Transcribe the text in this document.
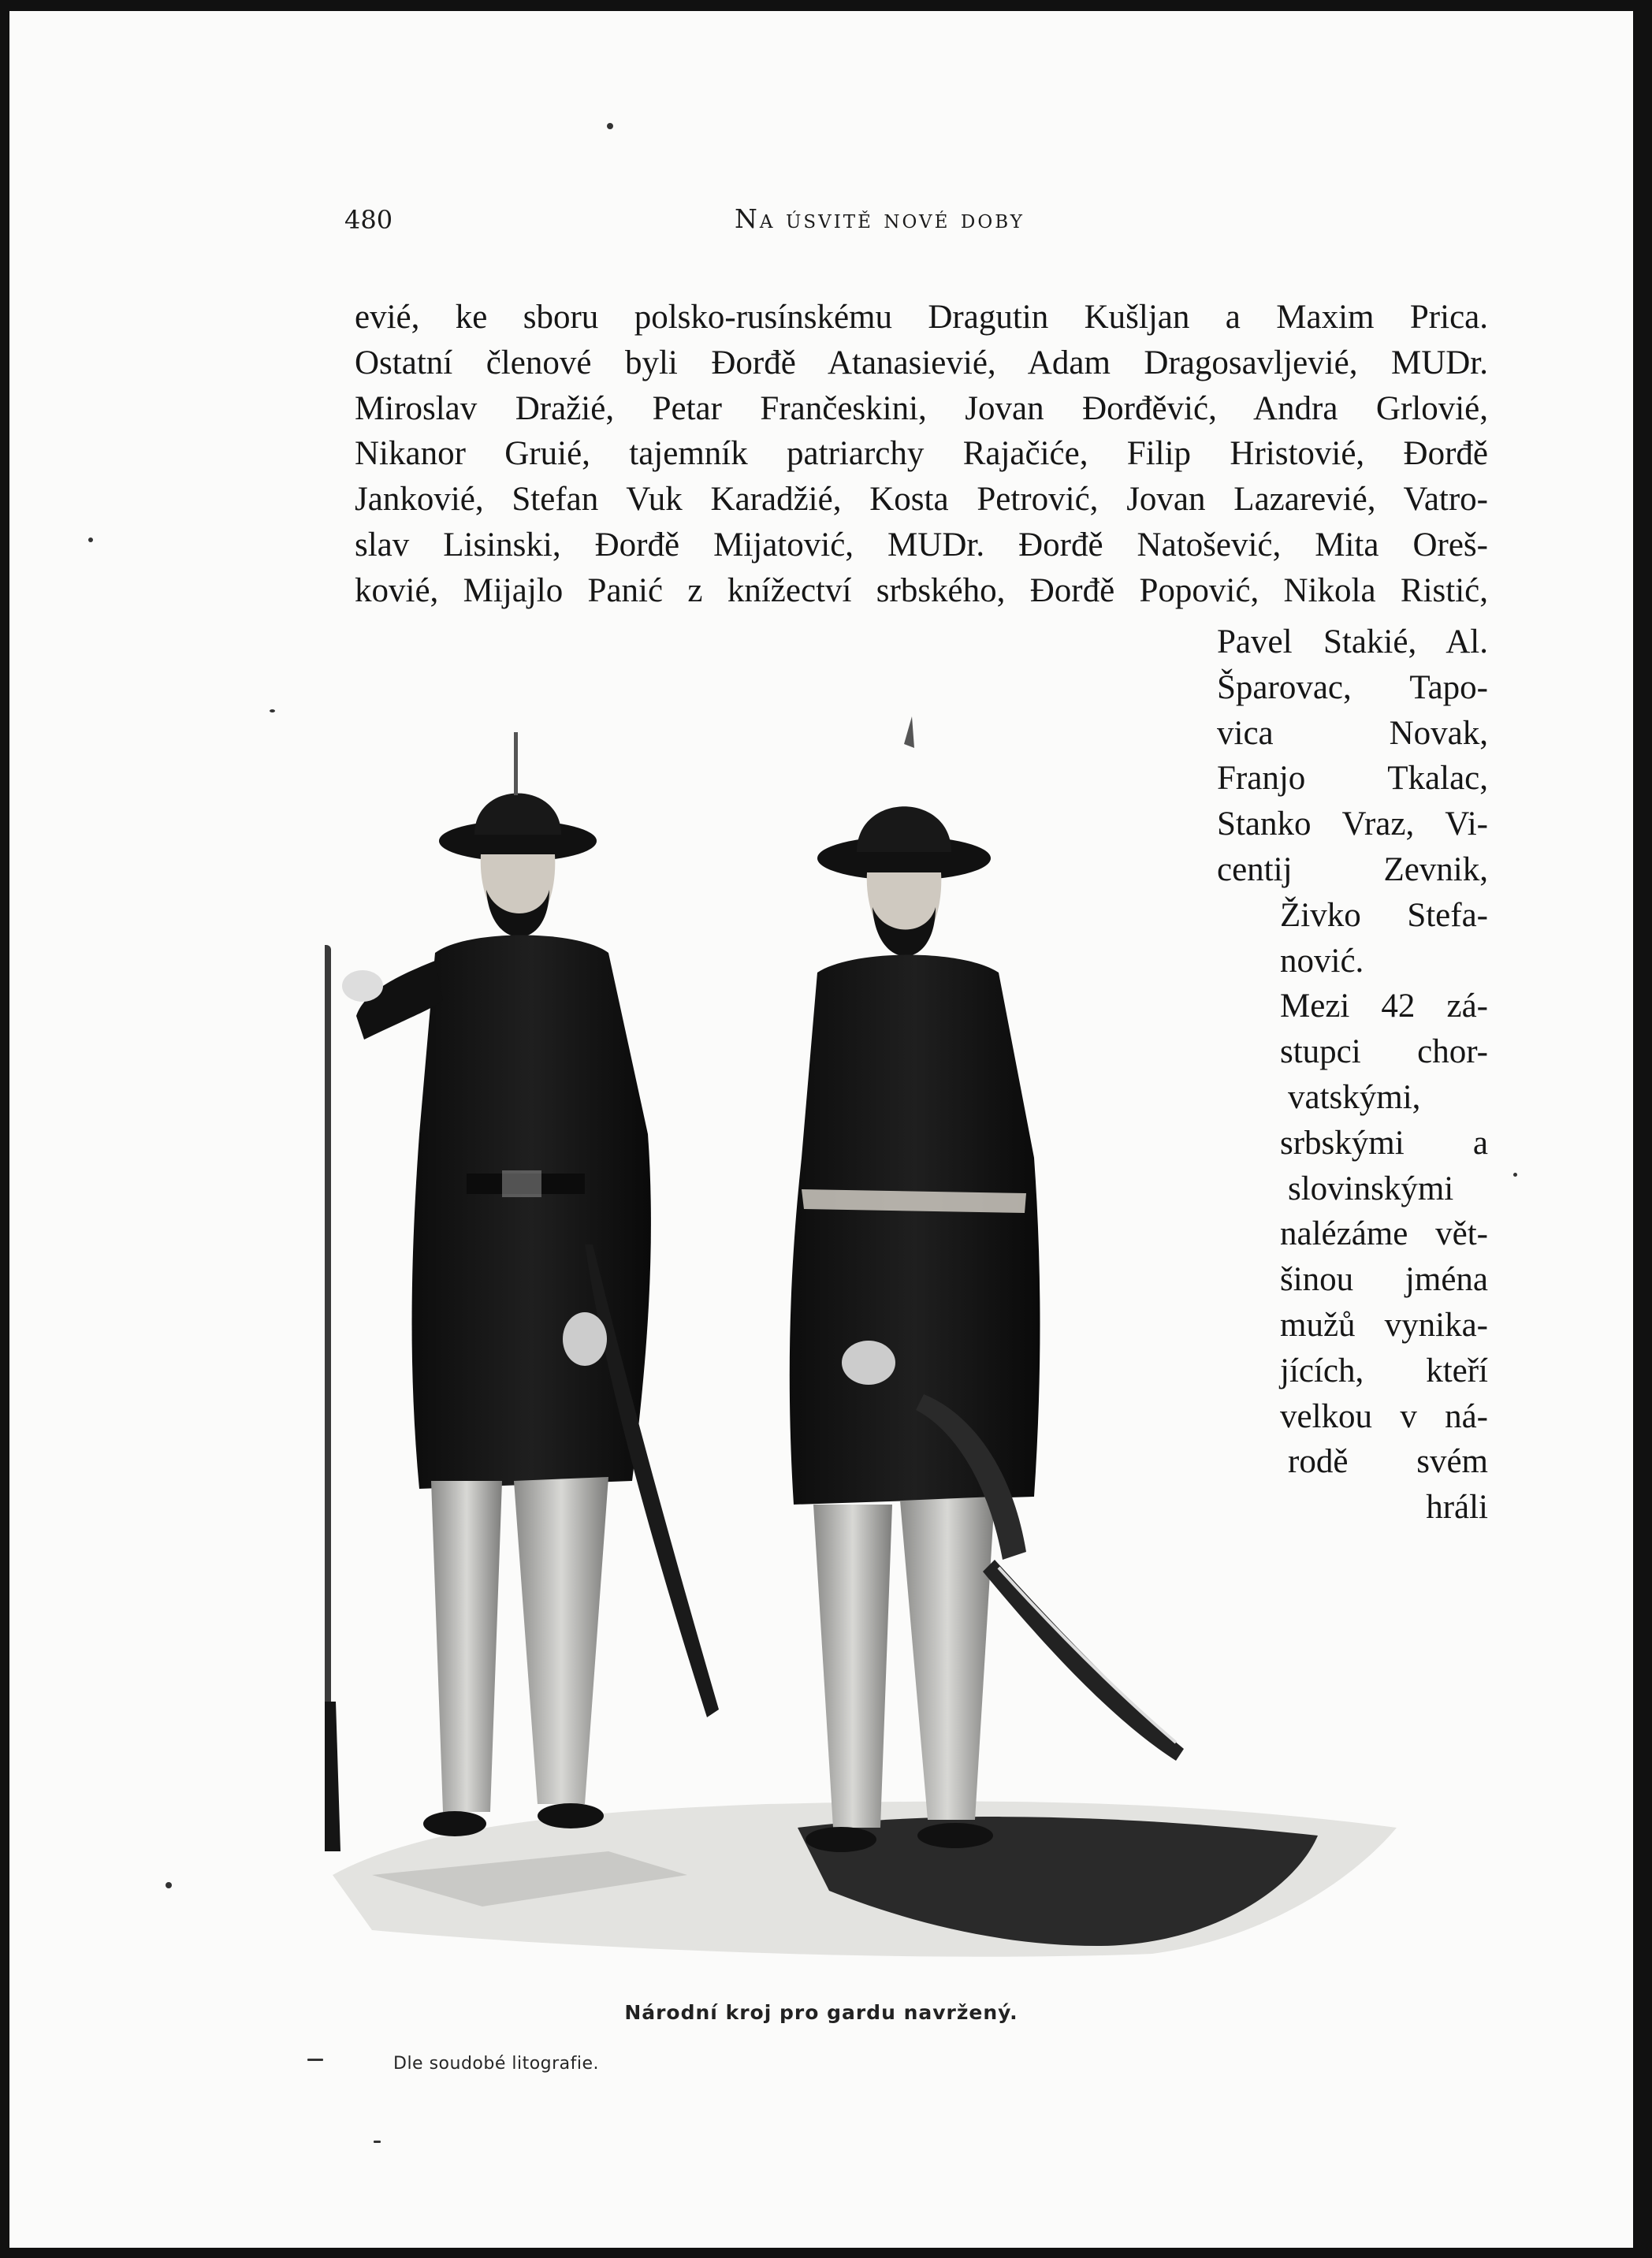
480	Na úsvitě nové doby
evié, ke sboru polsko-rusínskému Dragutin Kušljan a Maxim Prica.
Ostatní členové byli Đorđě Atanasievié, Adam Dragosavljevié, MUDr.
Miroslav Dražié, Petar Frančeskini, Jovan Đorđěvić, Andra Grlovié,
Nikanor Gruié, tajemník patriarchy Rajačiće, Filip Hristovié, Đorđě
Jankovié, Stefan Vuk Karadžié, Kosta Petrović, Jovan Lazarevié, Vatro-
slav Lisinski, Đorđě Mijatović, MUDr. Đorđě Natošević, Mita Oreš-
kovié, Mijajlo Panić z knížectví srbského, Đorđě Popović, Nikola Ristić,
Pavel Stakié, Al.
Šparovac, Tapo-
vica Novak,
Franjo Tkalac,
Stanko Vraz, Vi-
centij Zevnik,
Živko Stefa-
nović.
Mezi 42 zá-
stupci chor-
vatskými,
srbskými a
slovinskými
nalézáme vět-
šinou jména
mužů vynika-
jících, kteří
velkou v ná-
rodě svém
hráli
Národní kroj pro gardu navržený.
Dle soudobé litografie.
